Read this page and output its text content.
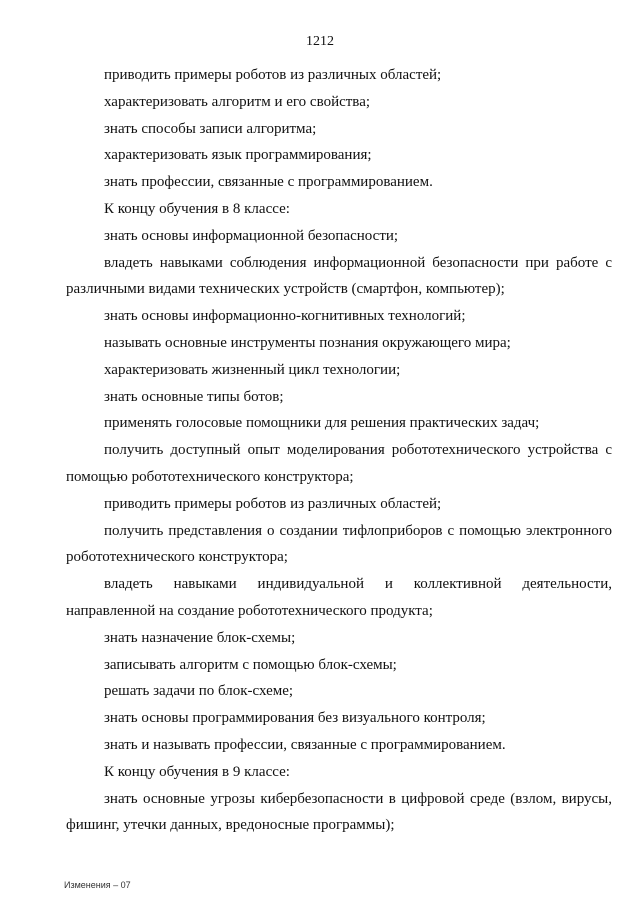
1212

приводить примеры роботов из различных областей;

характеризовать алгоритм и его свойства;

знать способы записи алгоритма;

характеризовать язык программирования;

знать профессии, связанные с программированием.

К концу обучения в 8 классе:

знать основы информационной безопасности;

владеть навыками соблюдения информационной безопасности при работе с различными видами технических устройств (смартфон, компьютер);

знать основы информационно-когнитивных технологий;

называть основные инструменты познания окружающего мира;

характеризовать жизненный цикл технологии;

знать основные типы ботов;

применять голосовые помощники для решения практических задач;

получить доступный опыт моделирования робототехнического устройства с помощью робототехнического конструктора;

приводить примеры роботов из различных областей;

получить представления о создании тифлоприборов с помощью электронного робототехнического конструктора;

владеть навыками индивидуальной и коллективной деятельности, направленной на создание робототехнического продукта;

знать назначение блок-схемы;

записывать алгоритм с помощью блок-схемы;

решать задачи по блок-схеме;

знать основы программирования без визуального контроля;

знать и называть профессии, связанные с программированием.

К концу обучения в 9 классе:

знать основные угрозы кибербезопасности в цифровой среде (взлом, вирусы, фишинг, утечки данных, вредоносные программы);

Изменения – 07
